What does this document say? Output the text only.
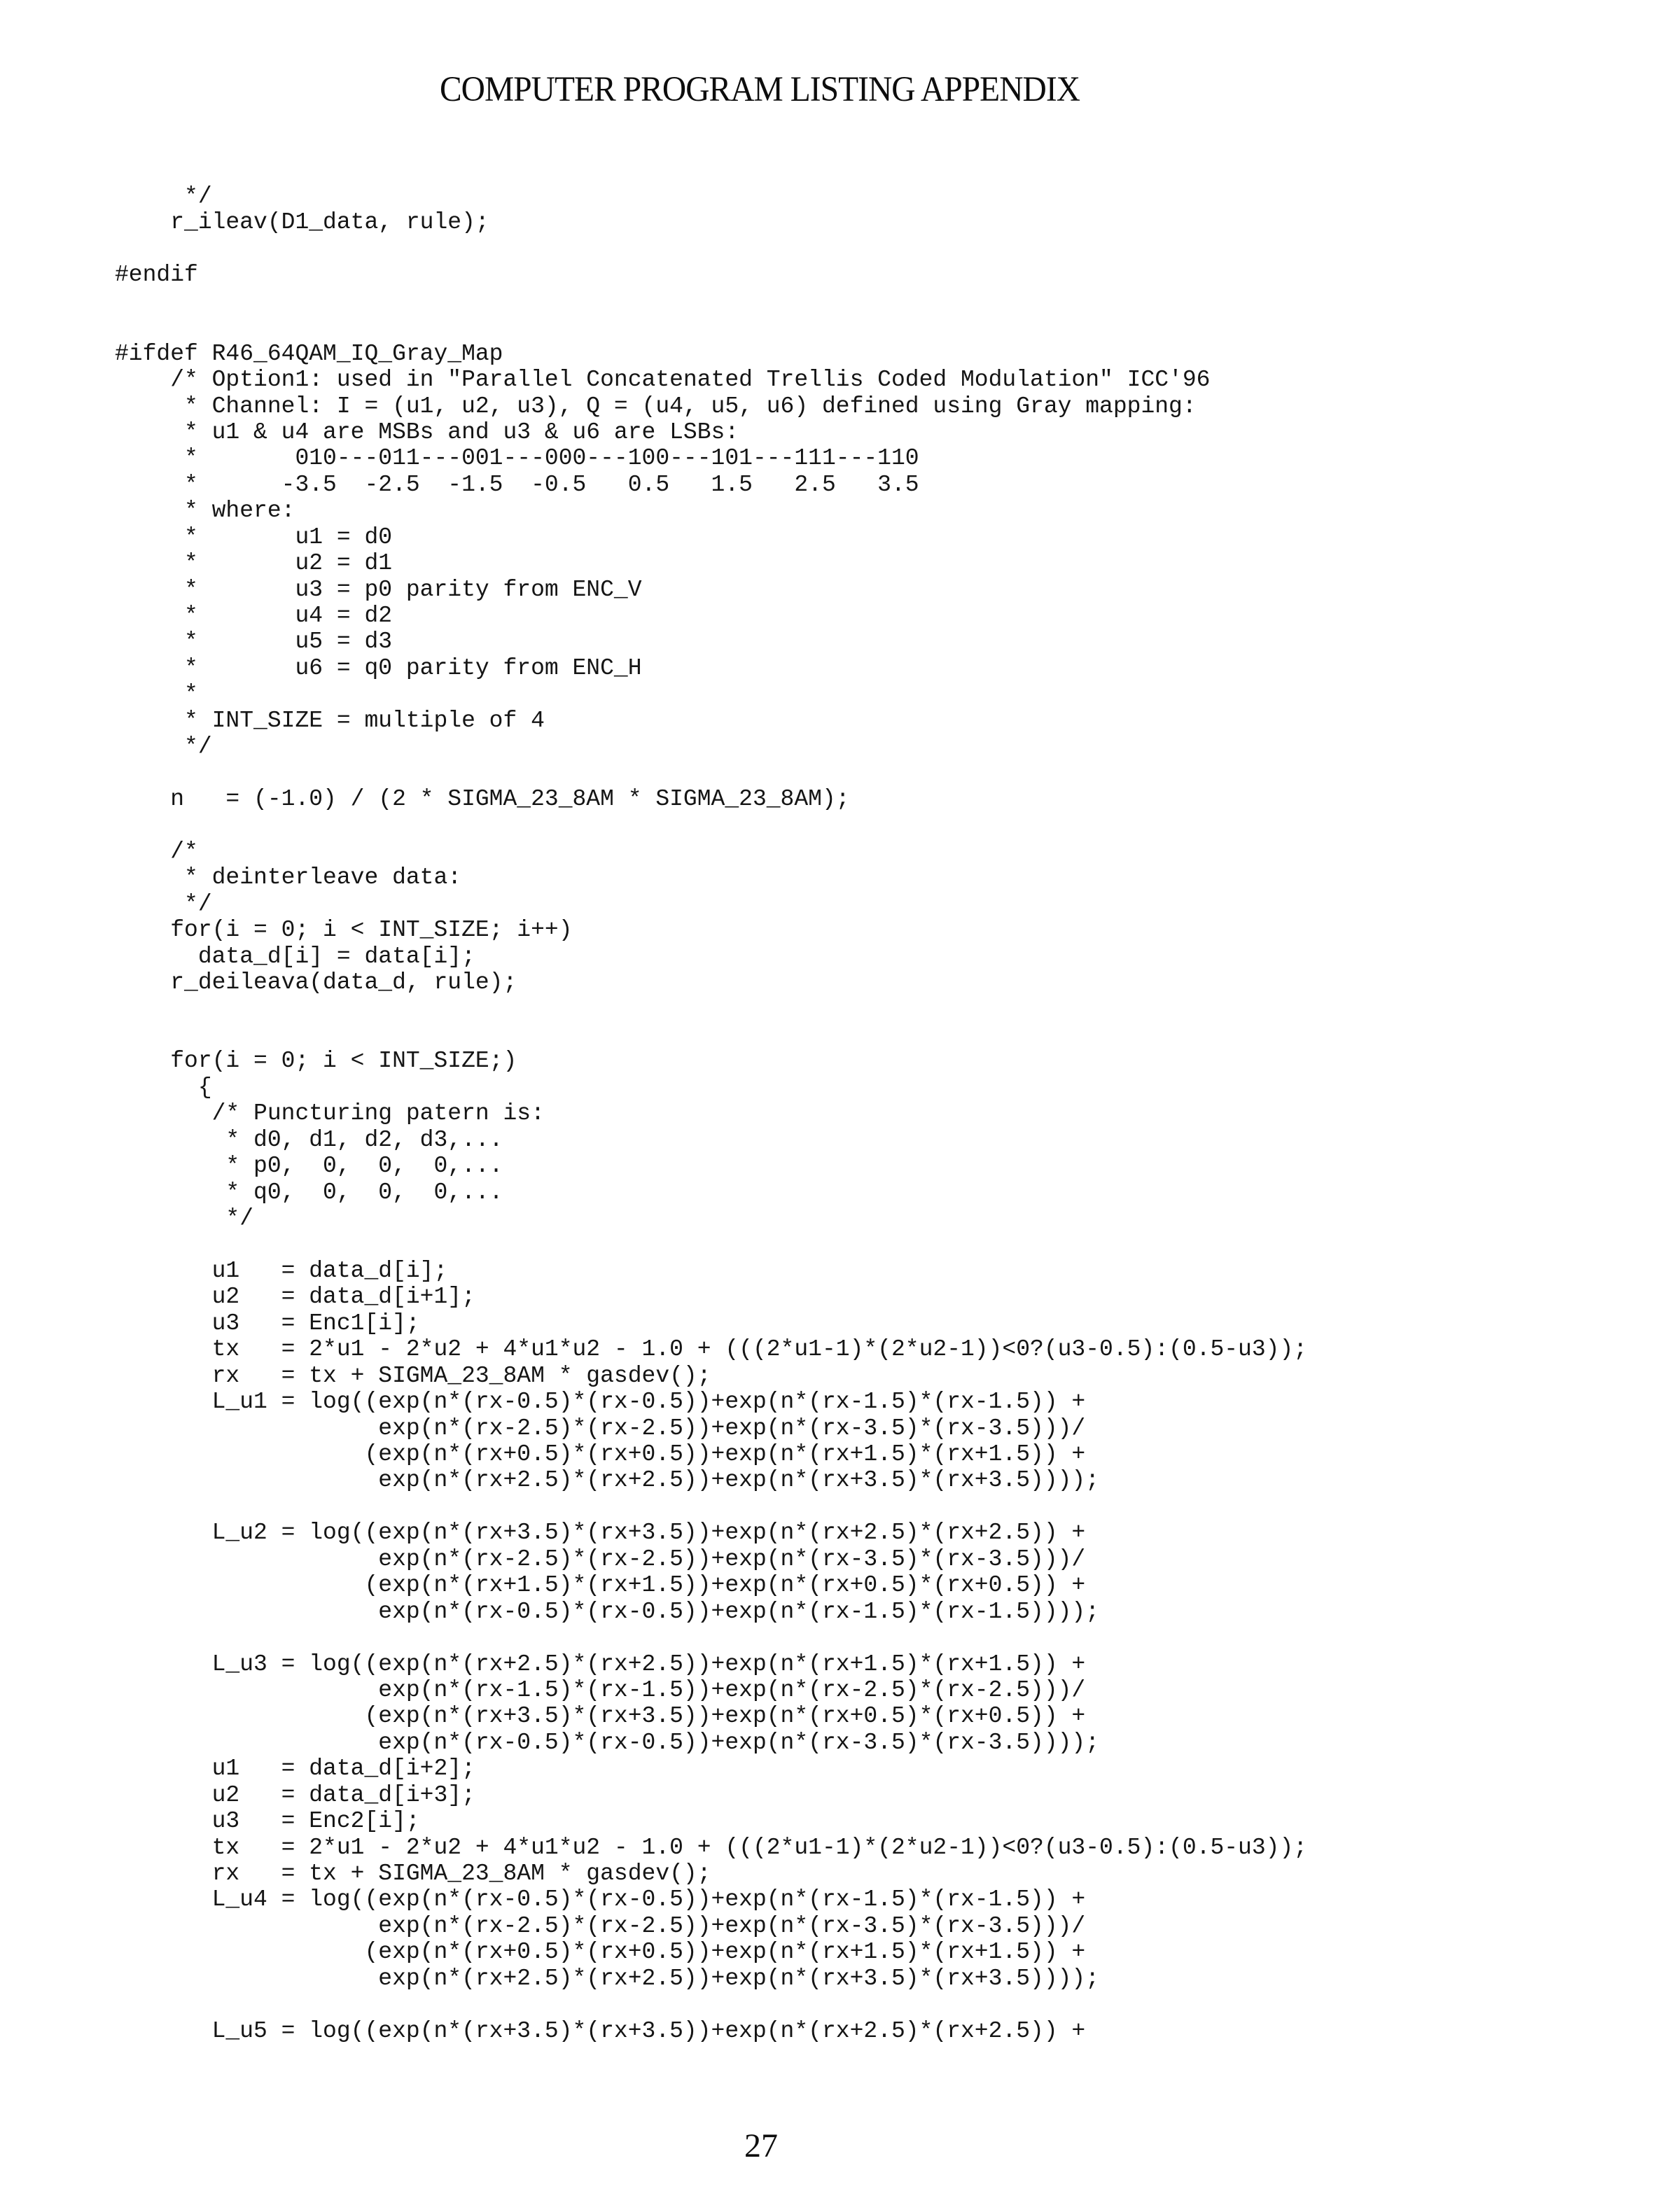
COMPUTER PROGRAM LISTING APPENDIX
*/
r_ileav(D1_data, rule);

#endif

#ifdef R46_64QAM_IQ_Gray_Map
/* Option1: used in "Parallel Concatenated Trellis Coded Modulation" ICC'96
* Channel: I = (u1, u2, u3), Q = (u4, u5, u6) defined using Gray mapping:
* u1 & u4 are MSBs and u3 & u6 are LSBs:
*       010---011---001---000---100---101---111---110
*      -3.5  -2.5  -1.5  -0.5   0.5   1.5   2.5   3.5
* where:
*       u1 = d0
*       u2 = d1
*       u3 = p0 parity from ENC_V
*       u4 = d2
*       u5 = d3
*       u6 = q0 parity from ENC_H
*
* INT_SIZE = multiple of 4
*/

n   = (-1.0) / (2 * SIGMA_23_8AM * SIGMA_23_8AM);

/*
* deinterleave data:
*/
for(i = 0; i < INT_SIZE; i++)
data_d[i] = data[i];
r_deileava(data_d, rule);

for(i = 0; i < INT_SIZE;)
{
/* Puncturing patern is:
* d0, d1, d2, d3,...
* p0,  0,  0,  0,...
* q0,  0,  0,  0,...
*/

u1   = data_d[i];
u2   = data_d[i+1];
u3   = Enc1[i];
tx   = 2*u1 - 2*u2 + 4*u1*u2 - 1.0 + (((2*u1-1)*(2*u2-1))<0?(u3-0.5):(0.5-u3));
rx   = tx + SIGMA_23_8AM * gasdev();
L_u1 = log((exp(n*(rx-0.5)*(rx-0.5))+exp(n*(rx-1.5)*(rx-1.5)) +
exp(n*(rx-2.5)*(rx-2.5))+exp(n*(rx-3.5)*(rx-3.5)))/
(exp(n*(rx+0.5)*(rx+0.5))+exp(n*(rx+1.5)*(rx+1.5)) +
exp(n*(rx+2.5)*(rx+2.5))+exp(n*(rx+3.5)*(rx+3.5))));

L_u2 = log((exp(n*(rx+3.5)*(rx+3.5))+exp(n*(rx+2.5)*(rx+2.5)) +
exp(n*(rx-2.5)*(rx-2.5))+exp(n*(rx-3.5)*(rx-3.5)))/
(exp(n*(rx+1.5)*(rx+1.5))+exp(n*(rx+0.5)*(rx+0.5)) +
exp(n*(rx-0.5)*(rx-0.5))+exp(n*(rx-1.5)*(rx-1.5))));

L_u3 = log((exp(n*(rx+2.5)*(rx+2.5))+exp(n*(rx+1.5)*(rx+1.5)) +
exp(n*(rx-1.5)*(rx-1.5))+exp(n*(rx-2.5)*(rx-2.5)))/
(exp(n*(rx+3.5)*(rx+3.5))+exp(n*(rx+0.5)*(rx+0.5)) +
exp(n*(rx-0.5)*(rx-0.5))+exp(n*(rx-3.5)*(rx-3.5))));
u1   = data_d[i+2];
u2   = data_d[i+3];
u3   = Enc2[i];
tx   = 2*u1 - 2*u2 + 4*u1*u2 - 1.0 + (((2*u1-1)*(2*u2-1))<0?(u3-0.5):(0.5-u3));
rx   = tx + SIGMA_23_8AM * gasdev();
L_u4 = log((exp(n*(rx-0.5)*(rx-0.5))+exp(n*(rx-1.5)*(rx-1.5)) +
exp(n*(rx-2.5)*(rx-2.5))+exp(n*(rx-3.5)*(rx-3.5)))/
(exp(n*(rx+0.5)*(rx+0.5))+exp(n*(rx+1.5)*(rx+1.5)) +
exp(n*(rx+2.5)*(rx+2.5))+exp(n*(rx+3.5)*(rx+3.5))));

L_u5 = log((exp(n*(rx+3.5)*(rx+3.5))+exp(n*(rx+2.5)*(rx+2.5)) +
27
